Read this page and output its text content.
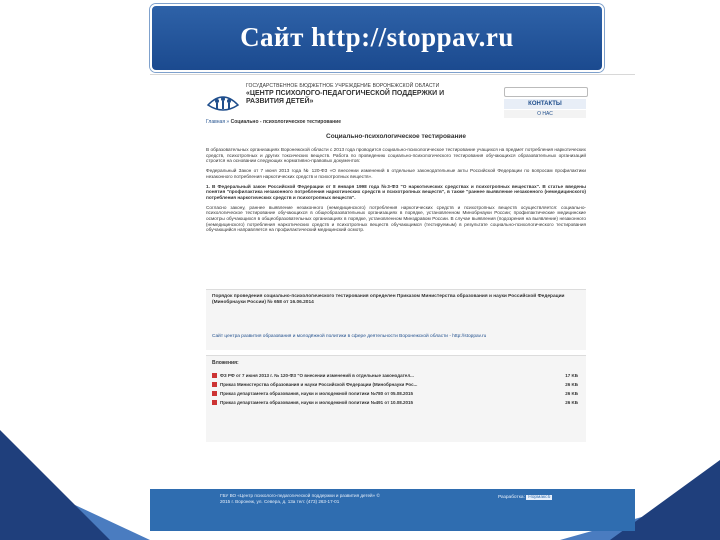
Сайт http://stoppav.ru
ГОСУДАРСТВЕННОЕ БЮДЖЕТНОЕ УЧРЕЖДЕНИЕ ВОРОНЕЖСКОЙ ОБЛАСТИ
«ЦЕНТР ПСИХОЛОГО-ПЕДАГОГИЧЕСКОЙ ПОДДЕРЖКИ И РАЗВИТИЯ ДЕТЕЙ»	КОНТАКТЫ
О НАС
Главная » Социально - психологическое тестирование
Социально-психологическое тестирование

В образовательных организациях Воронежской области с 2013 года проводится социально-психологическое тестирование учащихся на предмет потребления наркотических средств, психотропных и других токсических веществ. Работа по проведению социально-психологического тестирования обучающихся образовательных организаций строится на основании следующих нормативно-правовых документов:

Федеральный Закон от 7 июня 2013 года № 120-ФЗ «О внесении изменений в отдельные законодательные акты Российской Федерации по вопросам профилактики незаконного потребления наркотических средств и психотропных веществ».

1. В Федеральный закон Российской Федерации от 8 января 1998 года №3-ФЗ "О наркотических средствах и психотропных веществах". В статье введены понятия "профилактика незаконного потребления наркотических средств и психотропных веществ", в также "раннее выявление незаконного (немедицинского) потребления наркотических средств и психотропных веществ".

Согласно закону, раннее выявление незаконного (немедицинского) потребления наркотических средств и психотропных веществ осуществляется: социально-психологическое тестирование обучающихся в общеобразовательных организациях в порядке, установленном Минобрнауки России; профилактические медицинские осмотры обучающихся в общеобразовательных организациях в порядке, установленном Минздравом России. В случае выявления (подозрения на выявление) незаконного (немедицинского) потребления наркотических средств и психотропных веществ обучающимся (тестируемым) в результате социально-психологического тестирования обучающийся направляется на профилактический медицинский осмотр.

Порядок проведения социально-психологического тестирования определен Приказом Министерства образования и науки Российской Федерации (Минобрнауки России) № 658 от 16.06.2014
Сайт центра развития образования и молодёжной политики в сфере деятельности Воронежской области - http://stoppav.ru
Вложения:
ФЗ РФ от 7 июня 2013 г. № 120-ФЗ "О внесении изменений в отдельные законодател...	17 KБ
Приказ Министерства образования и науки Российской Федерации (Минобрнауки Рос...	26 KБ
Приказ департамента образования, науки и молодежной политики №780 от 05.08.2015	26 KБ
Приказ департамента образования, науки и молодежной политики №491 от 10.08.2015	26 KБ
ГБУ ВО «Центр психолого-педагогической поддержки и развития детей» © 2015 г. Воронеж, ул. Севера, д. 13а тел: (473) 263-17-01
Разработка: Нормаксб
